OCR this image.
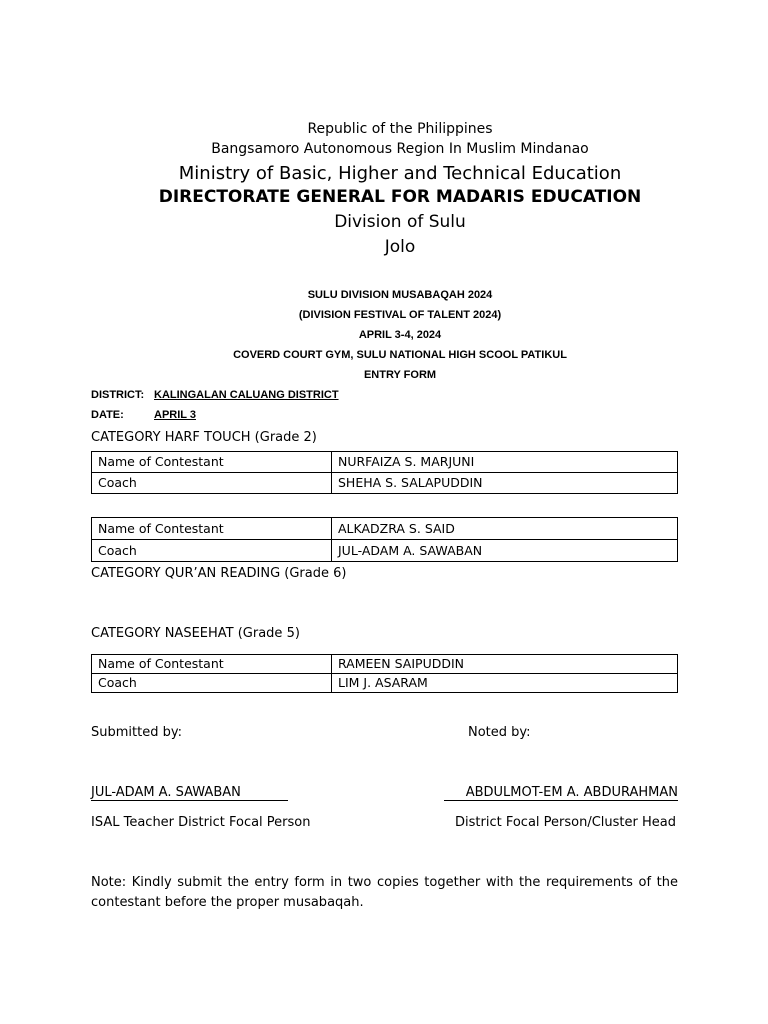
Republic of the Philippines
Bangsamoro Autonomous Region In Muslim Mindanao
Ministry of Basic, Higher and Technical Education
DIRECTORATE GENERAL FOR MADARIS EDUCATION
Division of Sulu
Jolo
SULU DIVISION MUSABAQAH 2024
(DIVISION FESTIVAL OF TALENT 2024)
APRIL 3-4, 2024
COVERD COURT GYM, SULU NATIONAL HIGH SCOOL PATIKUL
ENTRY FORM
DISTRICT: KALINGALAN CALUANG DISTRICT
DATE:	APRIL 3
CATEGORY HARF TOUCH (Grade 2)
Name of Contestant	NURFAIZA S. MARJUNI
Coach	SHEHA S. SALAPUDDIN
Name of Contestant	ALKADZRA S. SAID
Coach	JUL-ADAM A. SAWABAN
CATEGORY QUR’AN READING (Grade 6)
CATEGORY NASEEHAT (Grade 5)
Name of Contestant	RAMEEN SAIPUDDIN
Coach	LIM J. ASARAM
Submitted by:	Noted by:
JUL-ADAM A. SAWABAN	ABDULMOT-EM A. ABDURAHMAN
ISAL Teacher District Focal Person	District Focal Person/Cluster Head
Note: Kindly submit the entry form in two copies together with the requirements of the contestant before the proper musabaqah.
